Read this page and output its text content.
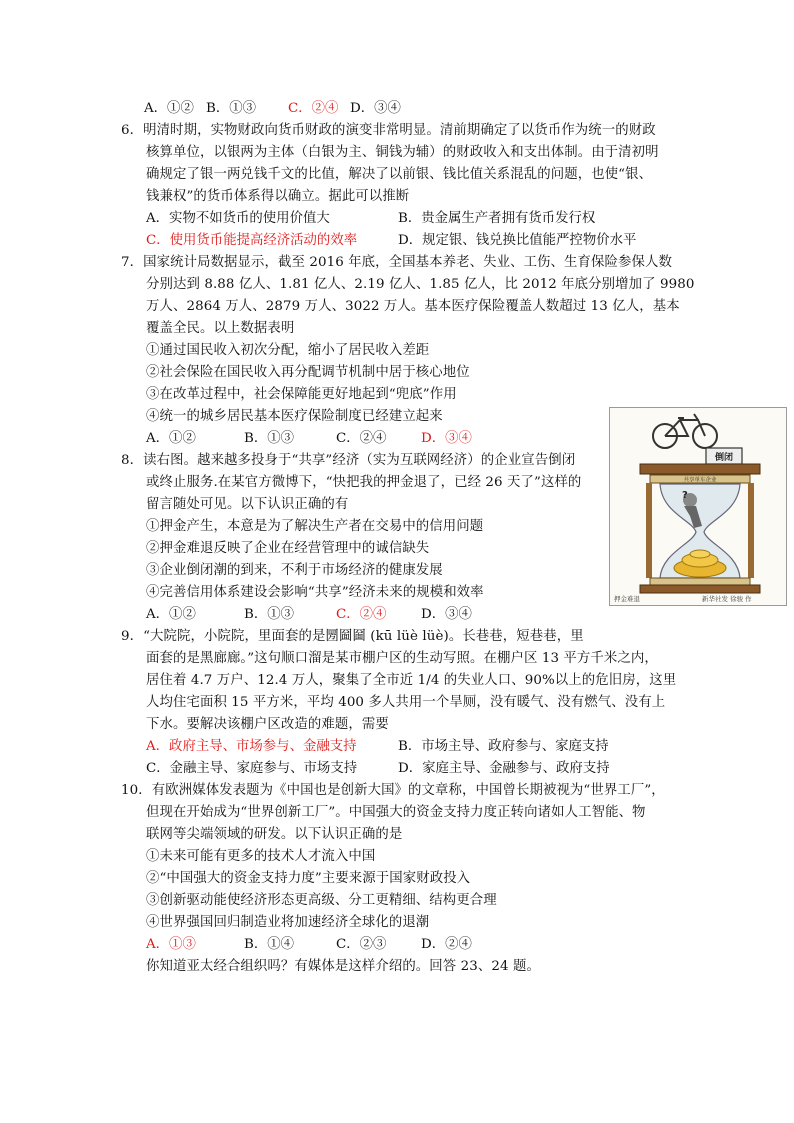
A．①② B．①③ C．②④ D．③④
6．明清时期，实物财政向货币财政的演变非常明显。清前期确定了以货币作为统一的财政
核算单位，以银两为主体（白银为主、铜钱为辅）的财政收入和支出体制。由于清初明
确规定了银一两兑钱千文的比值，解决了以前银、钱比值关系混乱的问题，也使“银、
钱兼权”的货币体系得以确立。据此可以推断
A．实物不如货币的使用价值大	B．贵金属生产者拥有货币发行权
C．使用货币能提高经济活动的效率	D．规定银、钱兑换比值能严控物价水平
7．国家统计局数据显示，截至 2016 年底，全国基本养老、失业、工伤、生育保险参保人数
分别达到 8.88 亿人、1.81 亿人、2.19 亿人、1.85 亿人，比 2012 年底分别增加了 9980
万人、2864 万人、2879 万人、3022 万人。基本医疗保险覆盖人数超过 13 亿人，基本
覆盖全民。以上数据表明
①通过国民收入初次分配，缩小了居民收入差距
②社会保险在国民收入再分配调节机制中居于核心地位
③在改革过程中，社会保障能更好地起到“兜底”作用
④统一的城乡居民基本医疗保险制度已经建立起来
A．①②	B．①③	C．②④	D．③④
8．读右图。越来越多投身于“共享”经济（实为互联网经济）的企业宣告倒闭
或终止服务.在某官方微博下，“快把我的押金退了，已经 26 天了”这样的
留言随处可见。以下认识正确的有
①押金产生，本意是为了解决生产者在交易中的信用问题
②押金难退反映了企业在经营管理中的诚信缺失
③企业倒闭潮的到来，不利于市场经济的健康发展
④完善信用体系建设会影响“共享”经济未来的规模和效率
A．①②	B．①③	C．②④	D．③④
倒闭
共享单车企业
?
押金难退	新华社发 徐骏 作
9．“大院院，小院院，里面套的是圐圙圙 (kū lüè lüè)。长巷巷，短巷巷，里
面套的是黑廊廊。”这句顺口溜是某市棚户区的生动写照。在棚户区 13 平方千米之内，
居住着 4.7 万户、12.4 万人，聚集了全市近 1/4 的失业人口、90%以上的危旧房，这里
人均住宅面积 15 平方米，平均 400 多人共用一个旱厕，没有暖气、没有燃气、没有上
下水。要解决该棚户区改造的难题，需要
A．政府主导、市场参与、金融支持	B．市场主导、政府参与、家庭支持
C．金融主导、家庭参与、市场支持	D．家庭主导、金融参与、政府支持
10．有欧洲媒体发表题为《中国也是创新大国》的文章称，中国曾长期被视为“世界工厂”，
但现在开始成为“世界创新工厂”。中国强大的资金支持力度正转向诸如人工智能、物
联网等尖端领域的研发。以下认识正确的是
①未来可能有更多的技术人才流入中国
②“中国强大的资金支持力度”主要来源于国家财政投入
③创新驱动能使经济形态更高级、分工更精细、结构更合理
④世界强国回归制造业将加速经济全球化的退潮
A．①③	B．①④	C．②③	D．②④
你知道亚太经合组织吗？有媒体是这样介绍的。回答 23、24 题。
